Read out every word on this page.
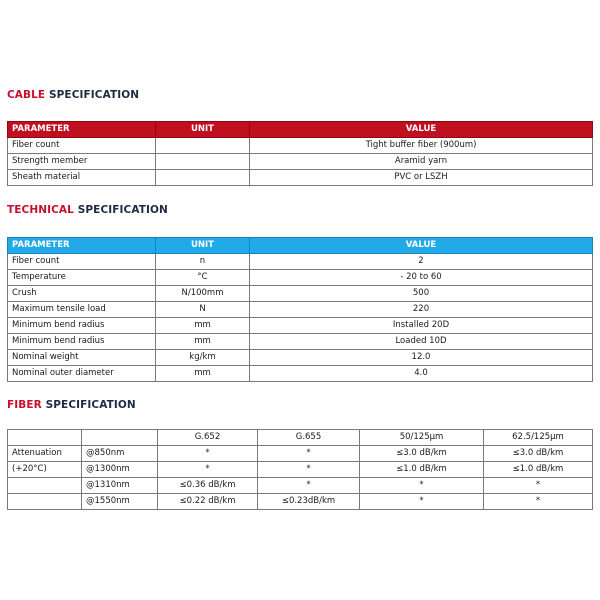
CABLE SPECIFICATION
PARAMETER	UNIT	VALUE
Fiber count		Tight buffer fiber (900um)
Strength member		Aramid yarn
Sheath material		PVC or LSZH
TECHNICAL SPECIFICATION
PARAMETER	UNIT	VALUE
Fiber count	n	2
Temperature	°C	- 20 to 60
Crush	N/100mm	500
Maximum tensile load	N	220
Minimum bend radius	mm	Installed 20D
Minimum bend radius	mm	Loaded 10D
Nominal weight	kg/km	12.0
Nominal outer diameter	mm	4.0
FIBER SPECIFICATION
		G.652	G.655	50/125μm	62.5/125μm
Attenuation	@850nm	*	*	≤3.0 dB/km	≤3.0 dB/km
(+20°C)	@1300nm	*	*	≤1.0 dB/km	≤1.0 dB/km
	@1310nm	≤0.36 dB/km	*	*	*
	@1550nm	≤0.22 dB/km	≤0.23dB/km	*	*
